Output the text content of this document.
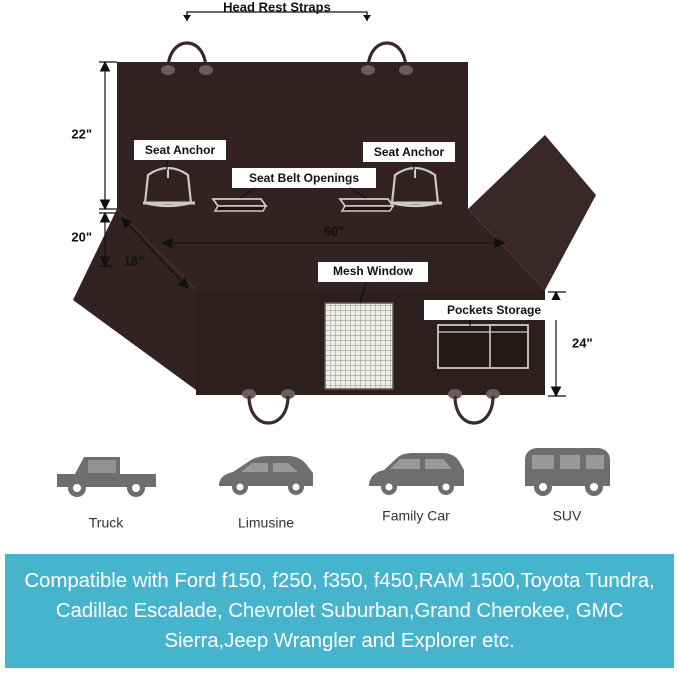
Head Rest Straps
22"
20"
18"
60"
24"
Seat Anchor	Seat Anchor
Seat Belt Openings
Mesh Window
Pockets Storage
Truck	Limusine	Family Car	SUV
Compatible with Ford f150, f250, f350, f450,RAM 1500,Toyota Tundra, Cadillac Escalade, Chevrolet Suburban,Grand Cherokee, GMC Sierra,Jeep Wrangler and Explorer etc.
